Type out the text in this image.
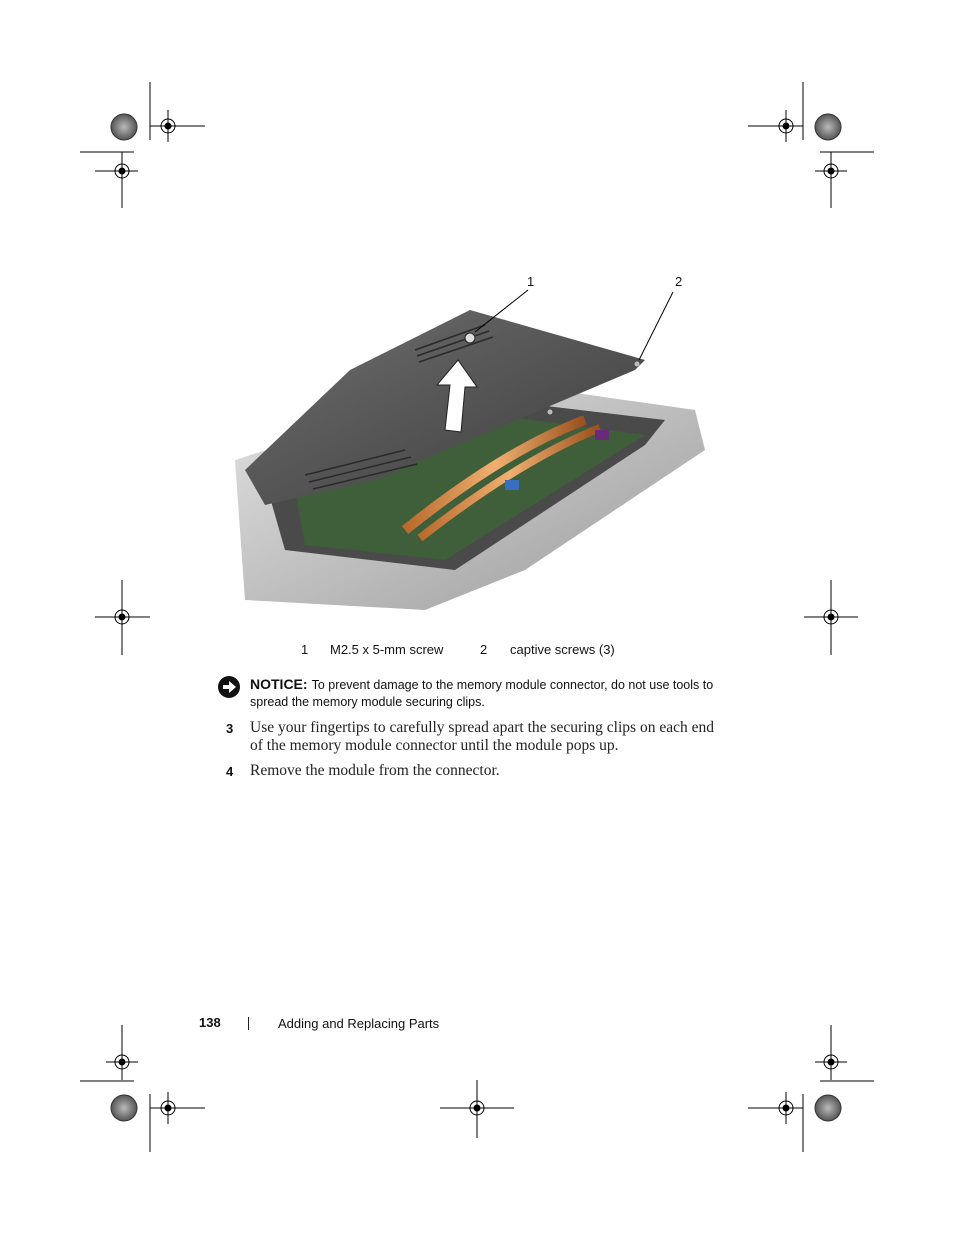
1	2
1 M2.5 x 5-mm screw	2 captive screws (3)
NOTICE: To prevent damage to the memory module connector, do not use tools to spread the memory module securing clips.
3 Use your fingertips to carefully spread apart the securing clips on each end of the memory module connector until the module pops up.
4 Remove the module from the connector.
138	Adding and Replacing Parts
